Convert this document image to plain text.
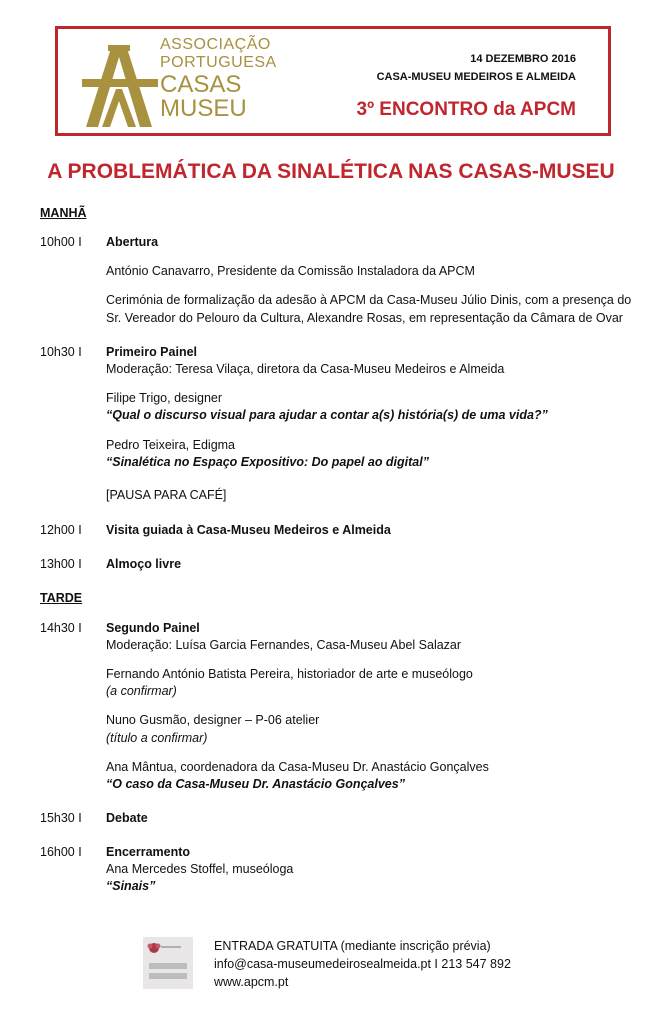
ASSOCIAÇÃO
PORTUGUESA
CASAS
MUSEU
14 DEZEMBRO 2016
CASA-MUSEU MEDEIROS E ALMEIDA
3º ENCONTRO da APCM
A PROBLEMÁTICA DA SINALÉTICA NAS CASAS-MUSEU
MANHÃ
10h00 I Abertura
António Canavarro, Presidente da Comissão Instaladora da APCM
Cerimónia de formalização da adesão à APCM da Casa-Museu Júlio Dinis, com a presença do
Sr. Vereador do Pelouro da Cultura, Alexandre Rosas, em representação da Câmara de Ovar
10h30 I Primeiro Painel
Moderação: Teresa Vilaça, diretora da Casa-Museu Medeiros e Almeida
Filipe Trigo, designer
“Qual o discurso visual para ajudar a contar a(s) história(s) de uma vida?”
Pedro Teixeira, Edigma
“Sinalética no Espaço Expositivo: Do papel ao digital”
[PAUSA PARA CAFÉ]
12h00 I Visita guiada à Casa-Museu Medeiros e Almeida
13h00 I Almoço livre
TARDE
14h30 I Segundo Painel
Moderação: Luísa Garcia Fernandes, Casa-Museu Abel Salazar
Fernando António Batista Pereira, historiador de arte e museólogo
(a confirmar)
Nuno Gusmão, designer – P-06 atelier
(título a confirmar)
Ana Mântua, coordenadora da Casa-Museu Dr. Anastácio Gonçalves
“O caso da Casa-Museu Dr. Anastácio Gonçalves”
15h30 I Debate
16h00 I Encerramento
Ana Mercedes Stoffel, museóloga
“Sinais”
ENTRADA GRATUITA (mediante inscrição prévia)
info@casa-museumedeirosealmeida.pt I 213 547 892
www.apcm.pt
